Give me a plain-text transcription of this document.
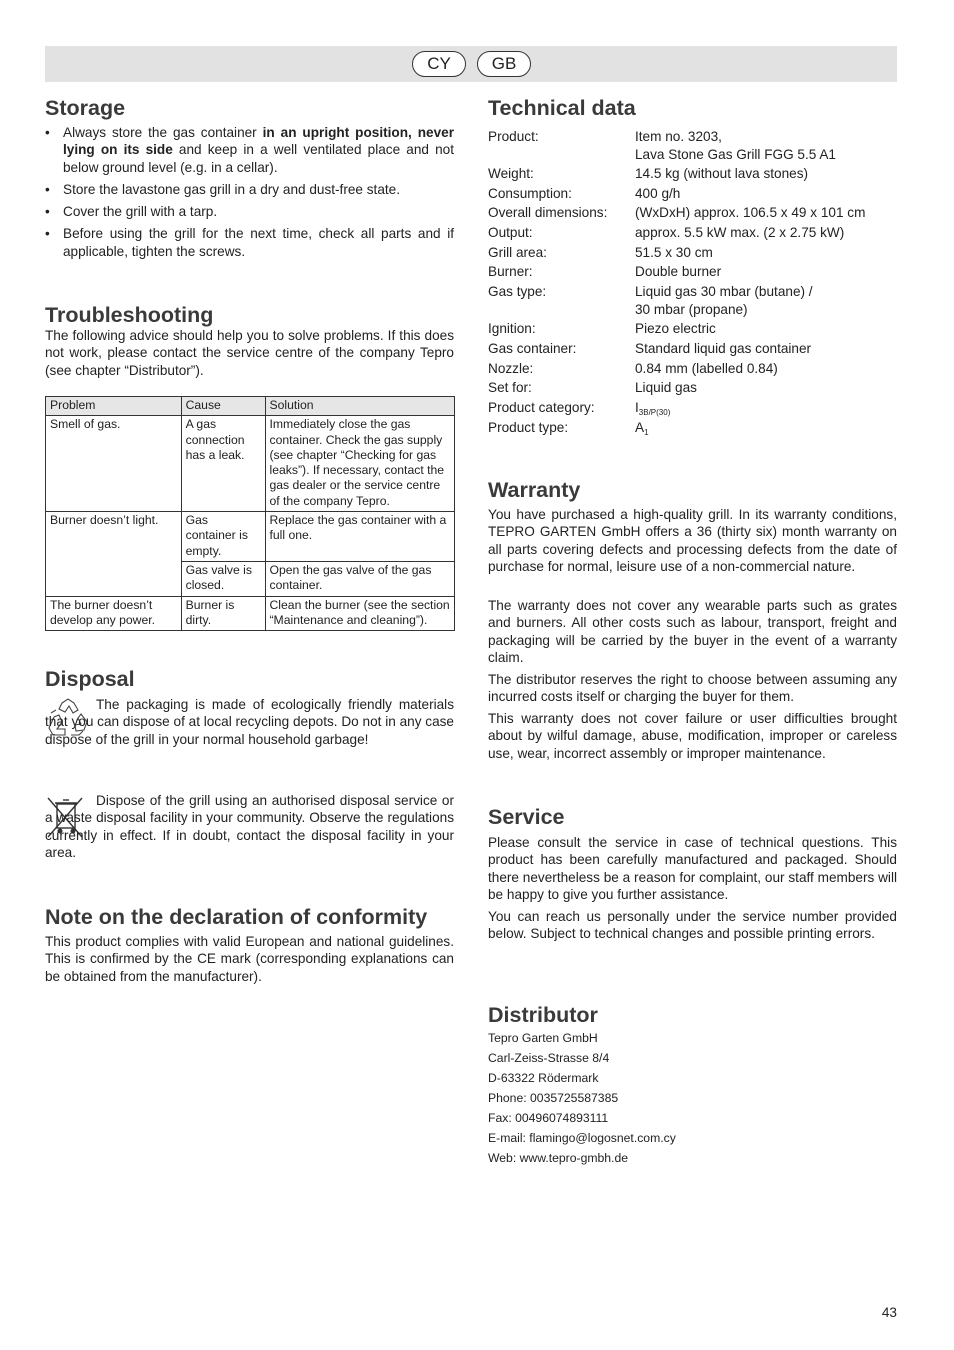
CY	GB
Storage
• Always store the gas container in an upright position, never lying on its side and keep in a well ventilated place and not below ground level (e.g. in a cellar).
• Store the lavastone gas grill in a dry and dust-free state.
• Cover the grill with a tarp.
• Before using the grill for the next time, check all parts and if applicable, tighten the screws.
Troubleshooting

The following advice should help you to solve problems. If this does not work, please contact the service centre of the company Tepro (see chapter “Distributor”).

Problem	Cause	Solution
Smell of gas.	A gas connection has a leak.	Immediately close the gas container. Check the gas supply (see chapter “Checking for gas leaks”). If necessary, contact the gas dealer or the service centre of the company Tepro.
Burner doesn’t light.	Gas container is empty.	Replace the gas container with a full one.
	Gas valve is closed.	Open the gas valve of the gas container.
The burner doesn’t develop any power.	Burner is dirty.	Clean the burner (see the section “Maintenance and cleaning”).
Disposal

The packaging is made of ecologically friendly materials that you can dispose of at local recycling depots. Do not in any case dispose of the grill in your normal household garbage!

Dispose of the grill using an authorised disposal service or a waste disposal facility in your community. Observe the regulations currently in effect. If in doubt, contact the disposal facility in your area.

Note on the declaration of conformity

This product complies with valid European and national guidelines. This is confirmed by the CE mark (corresponding explanations can be obtained from the manufacturer).

Technical data
Product:	Item no. 3203,
Lava Stone Gas Grill FGG 5.5 A1
Weight:	14.5 kg (without lava stones)
Consumption:	400 g/h
Overall dimensions:	(WxDxH) approx. 106.5 x 49 x 101 cm
Output:	approx. 5.5 kW max. (2 x 2.75 kW)
Grill area:	51.5 x 30 cm
Burner:	Double burner
Gas type:	Liquid gas 30 mbar (butane) /
30 mbar (propane)
Ignition:	Piezo electric
Gas container:	Standard liquid gas container
Nozzle:	0.84 mm (labelled 0.84)
Set for:	Liquid gas
Product category:	$I_{3B/P(30)}$
Product type:	$A_1$
Warranty

You have purchased a high-quality grill. In its warranty conditions, TEPRO GARTEN GmbH offers a 36 (thirty six) month warranty on all parts covering defects and processing defects from the date of purchase for normal, leisure use of a non-commercial nature.

The warranty does not cover any wearable parts such as grates and burners. All other costs such as labour, transport, freight and packaging will be carried by the buyer in the event of a warranty claim.

The distributor reserves the right to choose between assuming any incurred costs itself or charging the buyer for them.

This warranty does not cover failure or user difficulties brought about by wilful damage, abuse, modification, improper or careless use, wear, incorrect assembly or improper maintenance.

Service

Please consult the service in case of technical questions. This product has been carefully manufactured and packaged. Should there nevertheless be a reason for complaint, our staff members will be happy to give you further assistance.

You can reach us personally under the service number provided below. Subject to technical changes and possible printing errors.

Distributor
Tepro Garten GmbH
Carl-Zeiss-Strasse 8/4
D-63322 Rödermark
Phone: 0035725587385
Fax: 00496074893111
E-mail: flamingo@logosnet.com.cy
Web: www.tepro-gmbh.de
43
